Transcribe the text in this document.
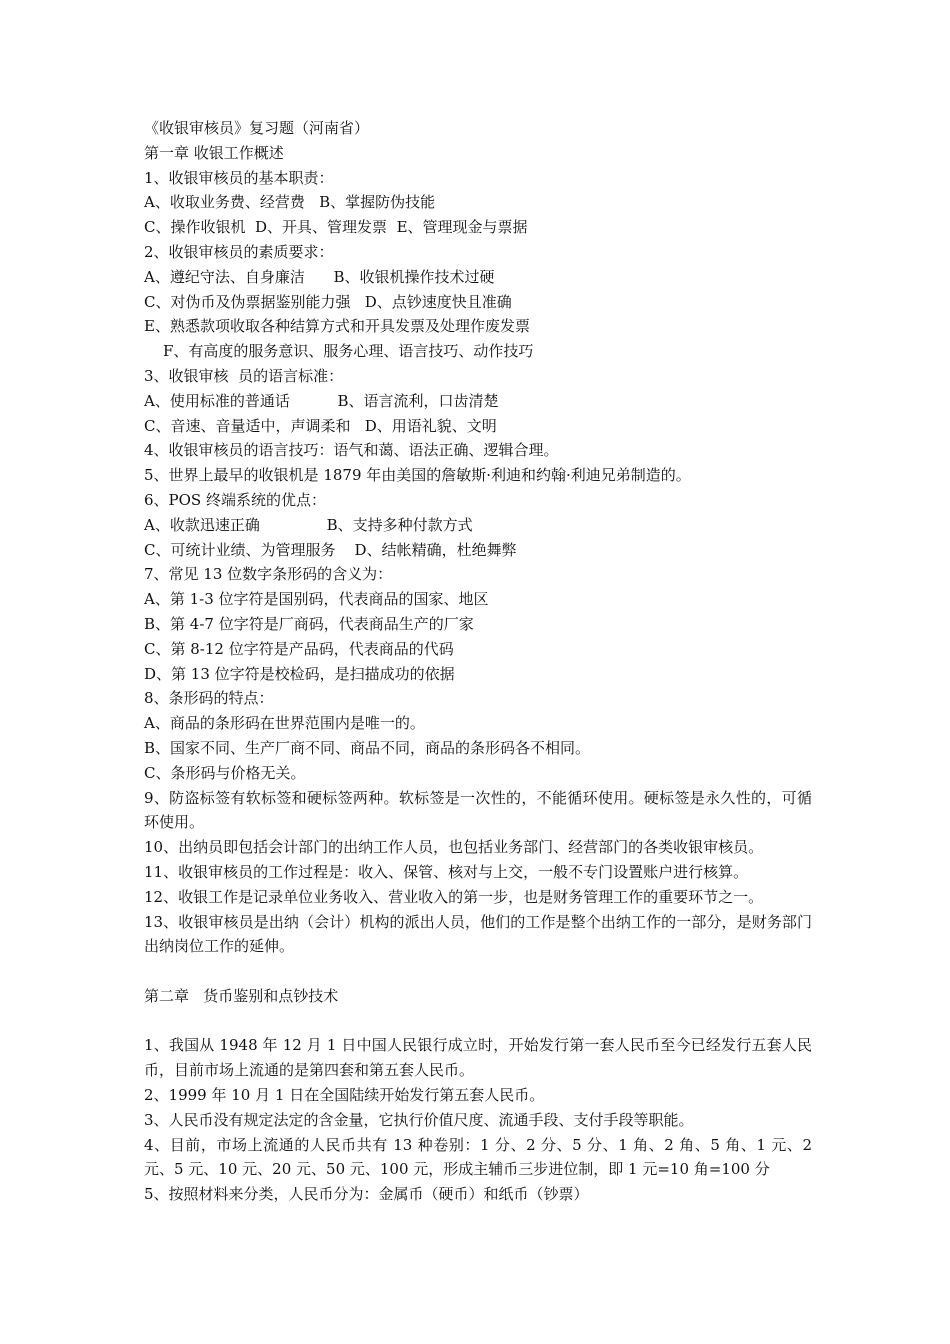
《收银审核员》复习题（河南省）
第一章 收银工作概述
1、收银审核员的基本职责：
A、收取业务费、经营费   B、掌握防伪技能
C、操作收银机  D、开具、管理发票  E、管理现金与票据
2、收银审核员的素质要求：
A、遵纪守法、自身廉洁      B、收银机操作技术过硬
C、对伪币及伪票据鉴别能力强   D、点钞速度快且准确
E、熟悉款项收取各种结算方式和开具发票及处理作废发票
F、有高度的服务意识、服务心理、语言技巧、动作技巧
3、收银审核  员的语言标准：
A、使用标准的普通话          B、语言流利，口齿清楚
C、音速、音量适中，声调柔和   D、用语礼貌、文明
4、收银审核员的语言技巧：语气和蔼、语法正确、逻辑合理。
5、世界上最早的收银机是 1879 年由美国的詹敏斯·利迪和约翰·利迪兄弟制造的。
6、POS 终端系统的优点：
A、收款迅速正确              B、支持多种付款方式
C、可统计业绩、为管理服务    D、结帐精确，杜绝舞弊
7、常见 13 位数字条形码的含义为：
A、第 1-3 位字符是国别码，代表商品的国家、地区
B、第 4-7 位字符是厂商码，代表商品生产的厂家
C、第 8-12 位字符是产品码，代表商品的代码
D、第 13 位字符是校检码，是扫描成功的依据
8、条形码的特点：
A、商品的条形码在世界范围内是唯一的。
B、国家不同、生产厂商不同、商品不同，商品的条形码各不相同。
C、条形码与价格无关。
9、防盗标签有软标签和硬标签两种。软标签是一次性的，不能循环使用。硬标签是永久性的，可循环使用。
10、出纳员即包括会计部门的出纳工作人员，也包括业务部门、经营部门的各类收银审核员。
11、收银审核员的工作过程是：收入、保管、核对与上交，一般不专门设置账户进行核算。
12、收银工作是记录单位业务收入、营业收入的第一步，也是财务管理工作的重要环节之一。
13、收银审核员是出纳（会计）机构的派出人员，他们的工作是整个出纳工作的一部分，是财务部门出纳岗位工作的延伸。
第二章   货币鉴别和点钞技术
1、我国从 1948 年 12 月 1 日中国人民银行成立时，开始发行第一套人民币至今已经发行五套人民币，目前市场上流通的是第四套和第五套人民币。
2、1999 年 10 月 1 日在全国陆续开始发行第五套人民币。
3、人民币没有规定法定的含金量，它执行价值尺度、流通手段、支付手段等职能。
4、目前，市场上流通的人民币共有 13 种卷别：1 分、2 分、5 分、1 角、2 角、5 角、1 元、2 元、5 元、10 元、20 元、50 元、100 元，形成主辅币三步进位制，即 1 元=10 角=100 分
5、按照材料来分类，人民币分为：金属币（硬币）和纸币（钞票）
